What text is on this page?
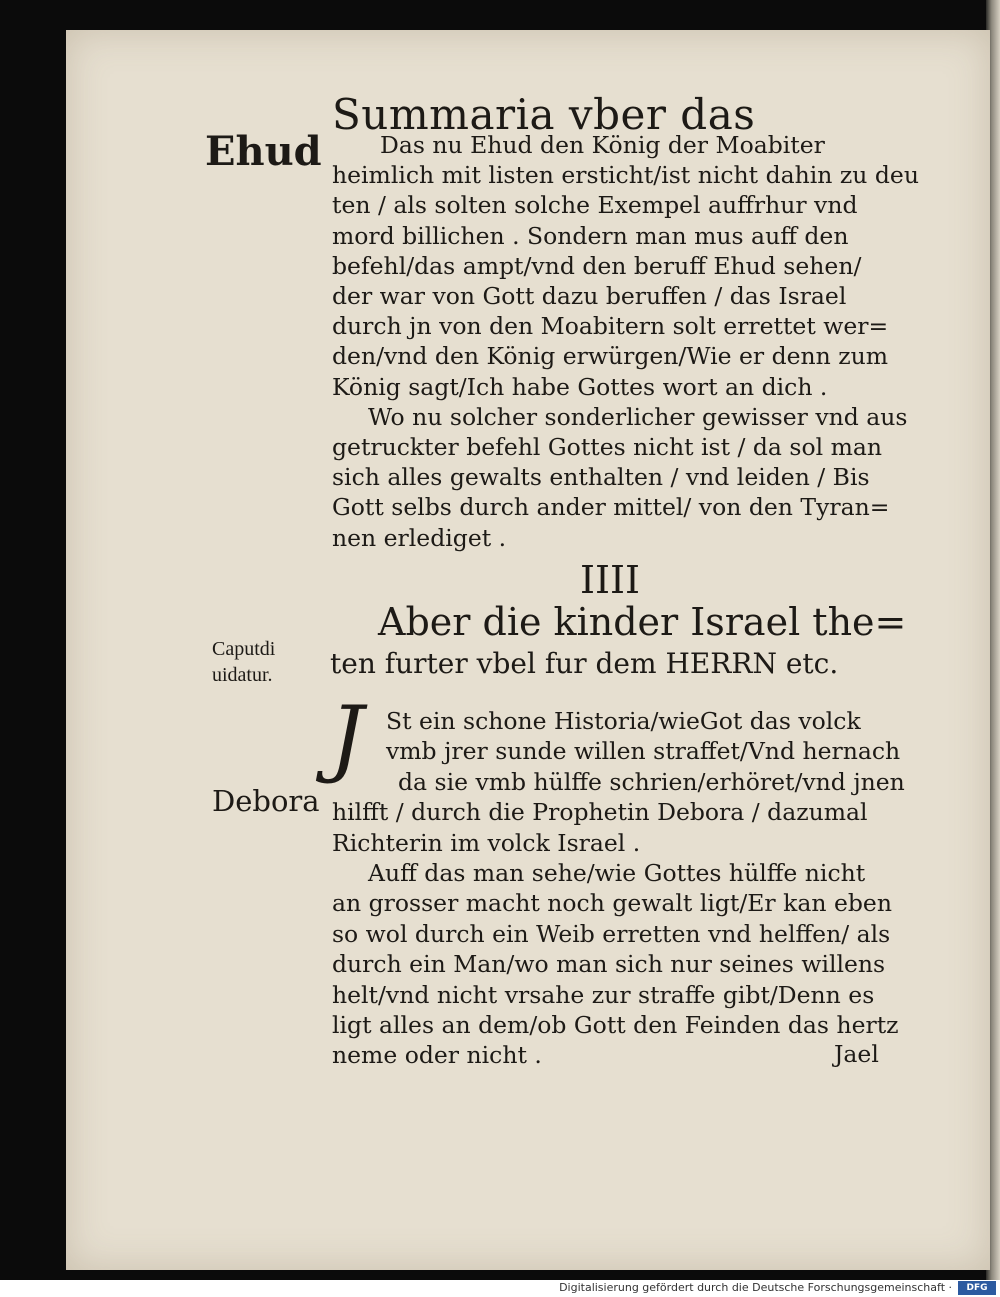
Summaria vber das
Ehud	Das nu Ehud den König der Moabiter
heimlich mit listen ersticht/ist nicht dahin zu deu
ten / als solten solche Exempel auffrhur vnd
mord billichen . Sondern man mus auff den
befehl/das ampt/vnd den beruff Ehud sehen/
der war von Gott dazu beruffen / das Israel
durch jn von den Moabitern solt errettet wer=
den/vnd den König erwürgen/Wie er denn zum
König sagt/Ich habe Gottes wort an dich .
Wo nu solcher sonderlicher gewisser vnd aus
getruckter befehl Gottes nicht ist / da sol man
sich alles gewalts enthalten / vnd leiden / Bis
Gott selbs durch ander mittel/ von den Tyran=
nen erlediget .
IIII
Aber die kinder Israel the=
ten furter vbel fur dem HERRN etc.
Caputdi
uidatur.
Debora
J St ein schone Historia/wieGot das volck
vmb jrer sunde willen straffet/Vnd hernach
da sie vmb hülffe schrien/erhöret/vnd jnen
hilfft / durch die Prophetin Debora / dazumal
Richterin im volck Israel .
Auff das man sehe/wie Gottes hülffe nicht
an grosser macht noch gewalt ligt/Er kan eben
so wol durch ein Weib erretten vnd helffen/ als
durch ein Man/wo man sich nur seines willens
helt/vnd nicht vrsahe zur straffe gibt/Denn es
ligt alles an dem/ob Gott den Feinden das hertz
neme oder nicht .	Jael
Digitalisierung gefördert durch die Deutsche Forschungsgemeinschaft ·	DFG
